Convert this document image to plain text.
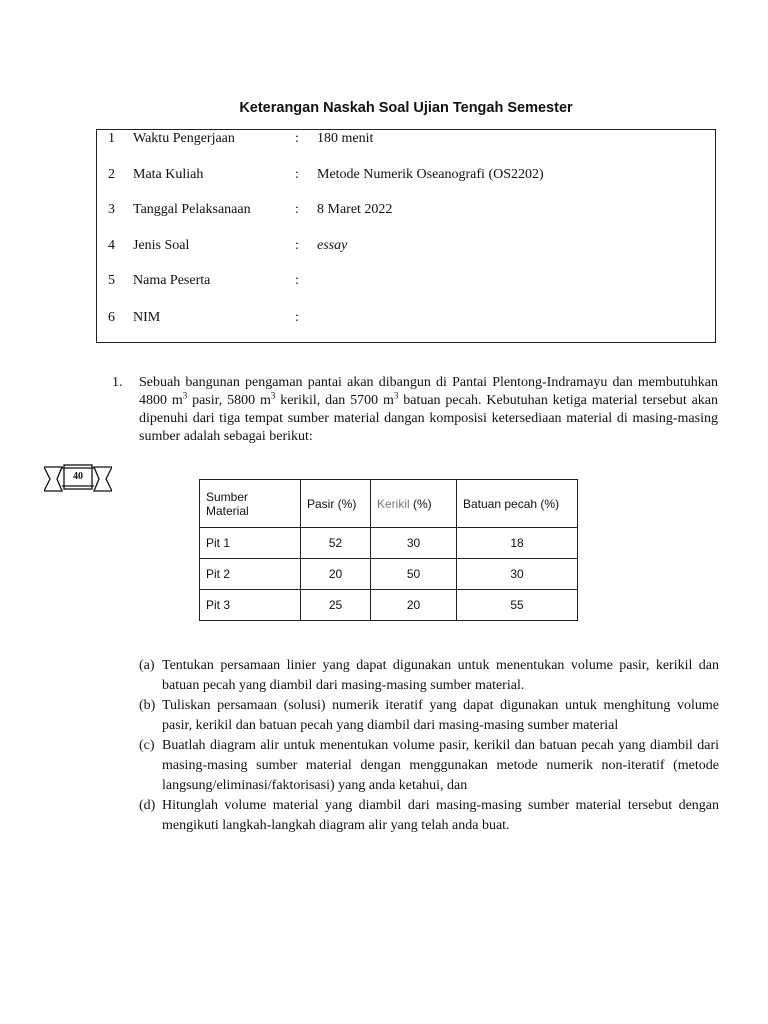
Keterangan Naskah Soal Ujian Tengah Semester
1 Waktu Pengerjaan	: 180 menit
2 Mata Kuliah	: Metode Numerik Oseanografi (OS2202)
3 Tanggal Pelaksanaan	: 8 Maret 2022
4 Jenis Soal	: essay
5 Nama Peserta	:
6 NIM	:
1. Sebuah bangunan pengaman pantai akan dibangun di Pantai Plentong-Indramayu dan membutuhkan 4800 $m^3$ pasir, 5800 $m^3$ kerikil, dan 5700 $m^3$ batuan pecah. Kebutuhan ketiga material tersebut akan dipenuhi dari tiga tempat sumber material dangan komposisi ketersediaan material di masing-masing sumber adalah sebagai berikut:
40
Sumber Material	Pasir (%)	Kerikil (%)	Batuan pecah (%)
Pit 1	52	30	18
Pit 2	20	50	30
Pit 3	25	20	55
(a) Tentukan persamaan linier yang dapat digunakan untuk menentukan volume pasir, kerikil dan batuan pecah yang diambil dari masing-masing sumber material.
(b) Tuliskan persamaan (solusi) numerik iteratif yang dapat digunakan untuk menghitung volume pasir, kerikil dan batuan pecah yang diambil dari masing-masing sumber material
(c) Buatlah diagram alir untuk menentukan volume pasir, kerikil dan batuan pecah yang diambil dari masing-masing sumber material dengan menggunakan metode numerik non-iteratif (metode langsung/eliminasi/faktorisasi) yang anda ketahui, dan
(d) Hitunglah volume material yang diambil dari masing-masing sumber material tersebut dengan mengikuti langkah-langkah diagram alir yang telah anda buat.
